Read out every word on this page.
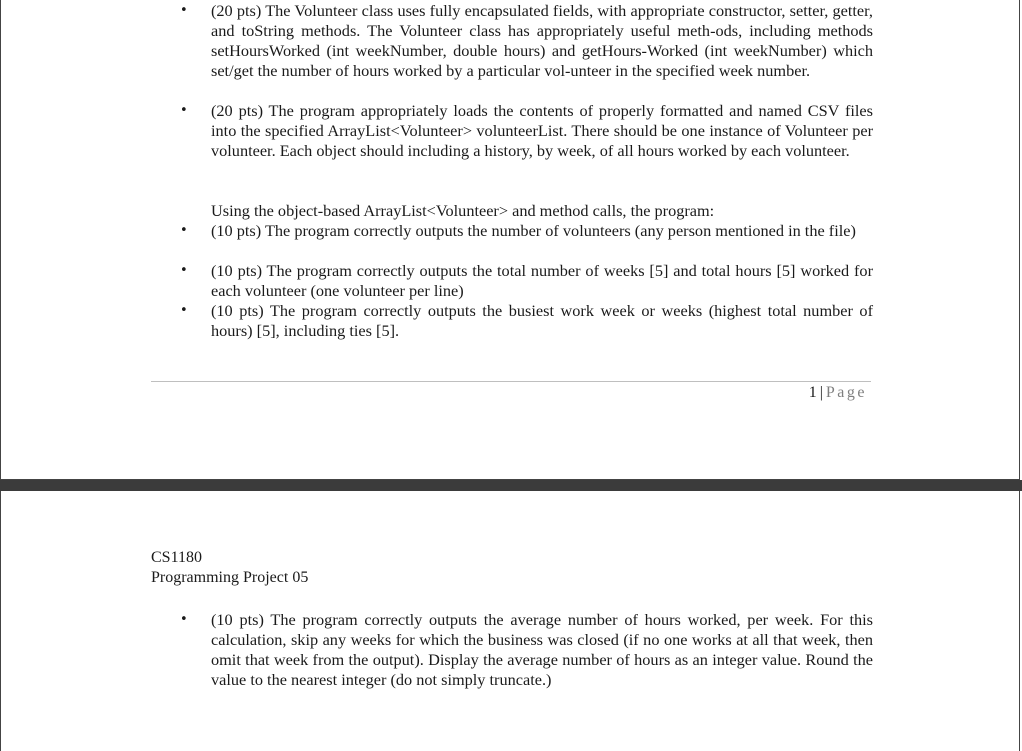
• (20 pts) The Volunteer class uses fully encapsulated fields, with appropriate constructor, setter, getter, and toString methods. The Volunteer class has appropriately useful meth-ods, including methods setHoursWorked (int weekNumber, double hours) and getHours-Worked (int weekNumber) which set/get the number of hours worked by a particular vol-unteer in the specified week number.
• (20 pts) The program appropriately loads the contents of properly formatted and named CSV files into the specified ArrayList<Volunteer> volunteerList. There should be one instance of Volunteer per volunteer. Each object should including a history, by week, of all hours worked by each volunteer.
Using the object-based ArrayList<Volunteer> and method calls, the program:
• (10 pts) The program correctly outputs the number of volunteers (any person mentioned in the file)
• (10 pts) The program correctly outputs the total number of weeks [5] and total hours [5] worked for each volunteer (one volunteer per line)
• (10 pts) The program correctly outputs the busiest work week or weeks (highest total number of hours) [5], including ties [5].
1 | Page
CS1180
Programming Project 05
• (10 pts) The program correctly outputs the average number of hours worked, per week. For this calculation, skip any weeks for which the business was closed (if no one works at all that week, then omit that week from the output). Display the average number of hours as an integer value. Round the value to the nearest integer (do not simply truncate.)
